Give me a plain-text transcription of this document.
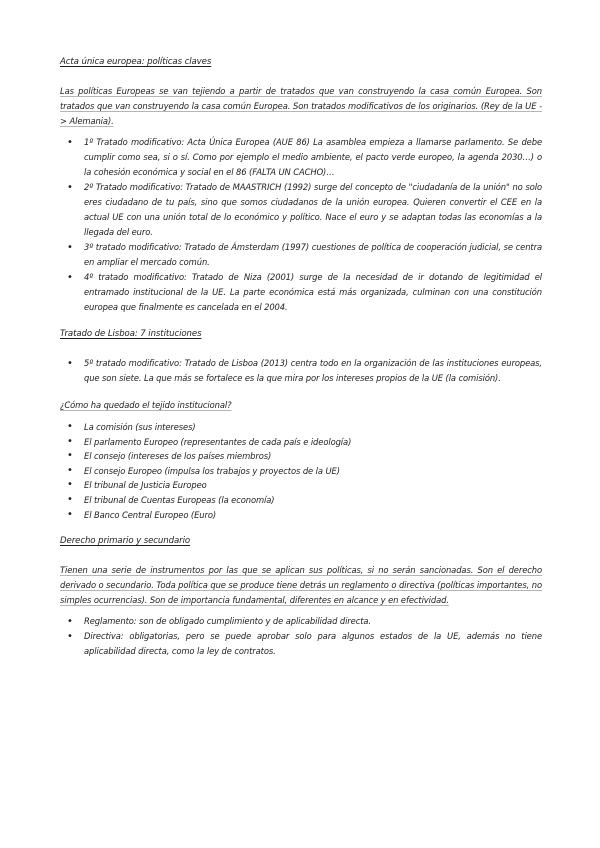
Acta única europea: políticas claves

Las políticas Europeas se van tejiendo a partir de tratados que van construyendo la casa común Europea. Son tratados que van construyendo la casa común Europea. Son tratados modificativos de los originarios. (Rey de la UE -> Alemania).

• 1º Tratado modificativo: Acta Única Europea (AUE 86) La asamblea empieza a llamarse parlamento. Se debe cumplir como sea, si o sí. Como por ejemplo el medio ambiente, el pacto verde europeo, la agenda 2030…) o la cohesión económica y social en el 86 (FALTA UN CACHO)…
• 2º Tratado modificativo: Tratado de MAASTRICH (1992) surge del concepto de "ciudadanía de la unión" no solo eres ciudadano de tu país, sino que somos ciudadanos de la unión europea. Quieren convertir el CEE en la actual UE con una unión total de lo económico y político. Nace el euro y se adaptan todas las economías a la llegada del euro.
• 3º tratado modificativo: Tratado de Ámsterdam (1997) cuestiones de política de cooperación judicial, se centra en ampliar el mercado común.
• 4º tratado modificativo: Tratado de Niza (2001) surge de la necesidad de ir dotando de legitimidad el entramado institucional de la UE. La parte económica está más organizada, culminan con una constitución europea que finalmente es cancelada en el 2004.
Tratado de Lisboa: 7 instituciones
• 5º tratado modificativo: Tratado de Lisboa (2013) centra todo en la organización de las instituciones europeas, que son siete. La que más se fortalece es la que mira por los intereses propios de la UE (la comisión).
¿Cómo ha quedado el tejido institucional?
• La comisión (sus intereses)
• El parlamento Europeo (representantes de cada país e ideología)
• El consejo (intereses de los países miembros)
• El consejo Europeo (impulsa los trabajos y proyectos de la UE)
• El tribunal de Justicia Europeo
• El tribunal de Cuentas Europeas (la economía)
• El Banco Central Europeo (Euro)
Derecho primario y secundario

Tienen una serie de instrumentos por las que se aplican sus políticas, si no serán sancionadas. Son el derecho derivado o secundario. Toda política que se produce tiene detrás un reglamento o directiva (políticas importantes, no simples ocurrencias). Son de importancia fundamental, diferentes en alcance y en efectividad.

• Reglamento: son de obligado cumplimiento y de aplicabilidad directa.
• Directiva: obligatorias, pero se puede aprobar solo para algunos estados de la UE, además no tiene aplicabilidad directa, como la ley de contratos.
